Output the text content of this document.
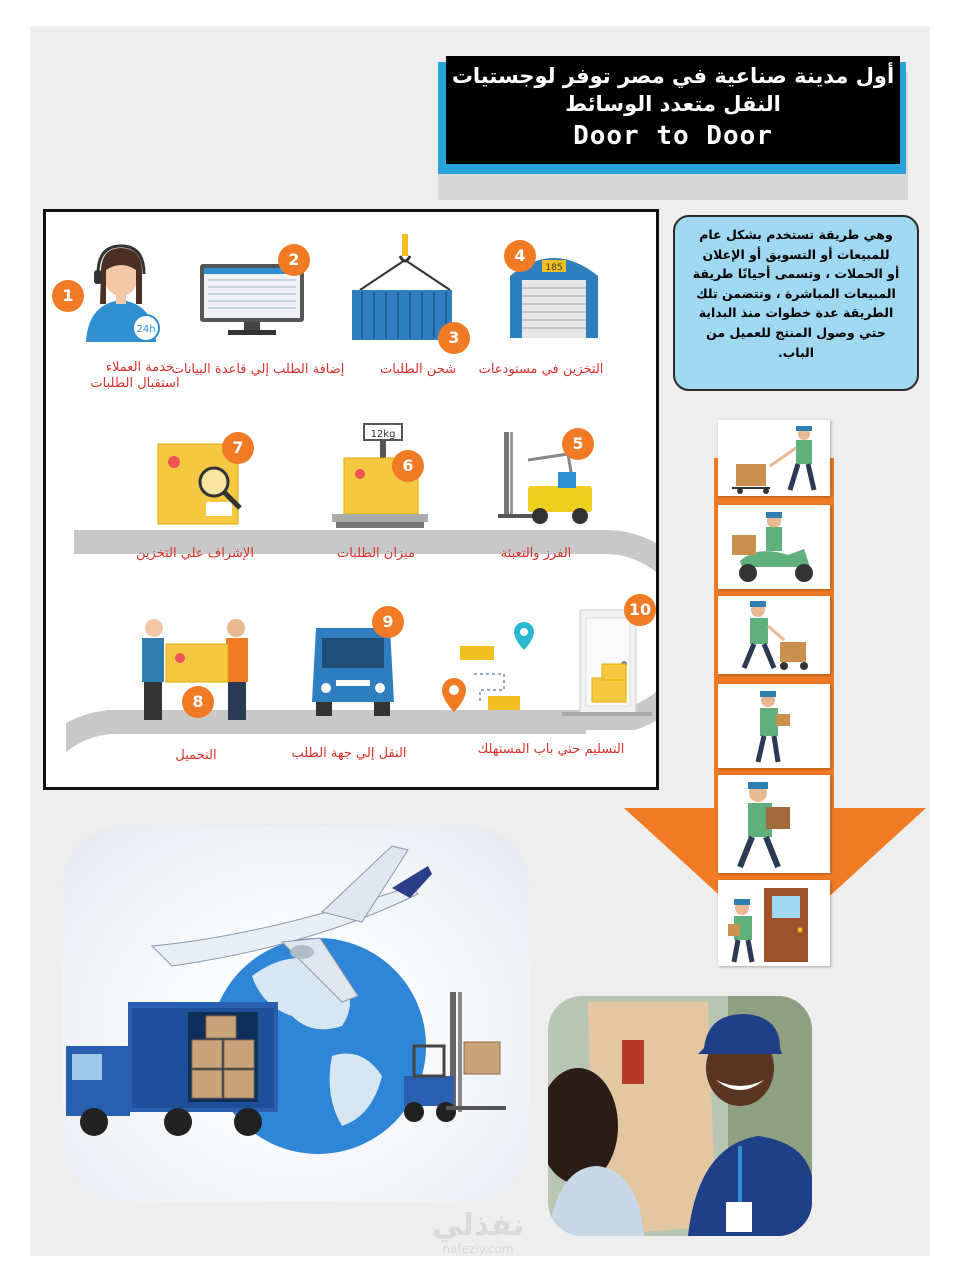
أول مدينة صناعية في مصر توفر لوجستيات
النقل متعدد الوسائط
Door to Door
24h
1
خدمة العملاء
استقبال الطلبات
2
إضافة الطلب إلي قاعدة البيانات
3
شحن الطلبات
185
4
التخزين في مستودعات
5
الفرز والتعبئة
12kg
6
ميزان الطلبات
7
الإشراف علي التخزين
8
التحميل
9
النقل إلي جهة الطلب
10
التسليم حتي باب المستهلك
وهي طريقة تستخدم بشكل عام
للمبيعات أو التسويق أو الإعلان
أو الحملات ، وتسمى أحيانًا طريقة
المبيعات المباشرة ، وتتضمن تلك
الطريقة عدة خطوات منذ البداية
حتي وصول المنتج للعميل من
الباب.
نفذلي
nafezly.com
